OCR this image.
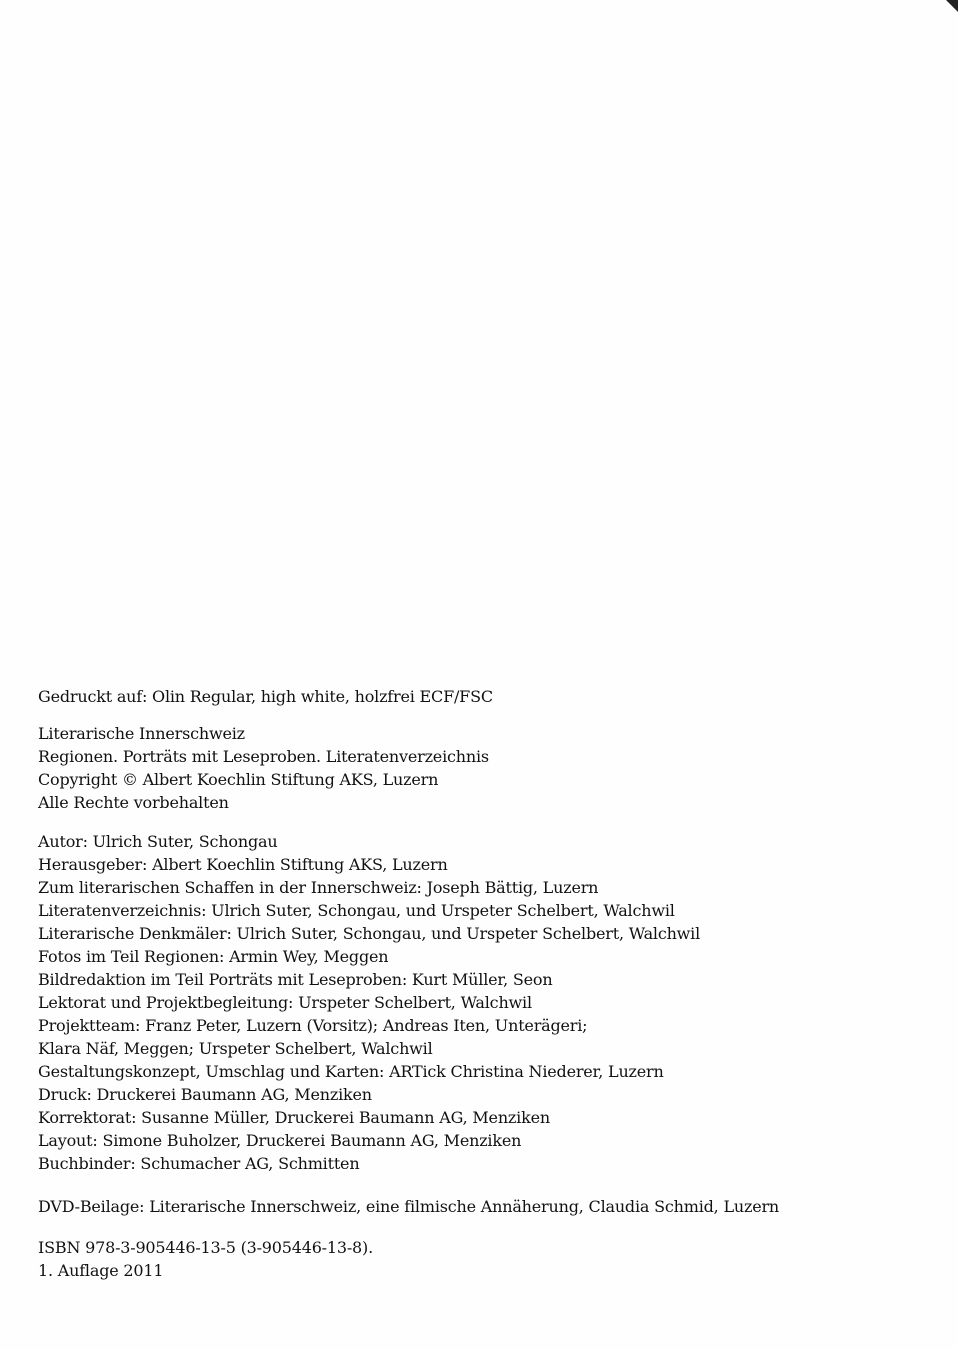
Gedruckt auf: Olin Regular, high white, holzfrei ECF/FSC
Literarische Innerschweiz
Regionen. Porträts mit Leseproben. Literatenverzeichnis
Copyright © Albert Koechlin Stiftung AKS, Luzern
Alle Rechte vorbehalten
Autor: Ulrich Suter, Schongau
Herausgeber: Albert Koechlin Stiftung AKS, Luzern
Zum literarischen Schaffen in der Innerschweiz: Joseph Bättig, Luzern
Literatenverzeichnis: Ulrich Suter, Schongau, und Urspeter Schelbert, Walchwil
Literarische Denkmäler: Ulrich Suter, Schongau, und Urspeter Schelbert, Walchwil
Fotos im Teil Regionen: Armin Wey, Meggen
Bildredaktion im Teil Porträts mit Leseproben: Kurt Müller, Seon
Lektorat und Projektbegleitung: Urspeter Schelbert, Walchwil
Projektteam: Franz Peter, Luzern (Vorsitz); Andreas Iten, Unterägeri;
Klara Näf, Meggen; Urspeter Schelbert, Walchwil
Gestaltungskonzept, Umschlag und Karten: ARTick Christina Niederer, Luzern
Druck: Druckerei Baumann AG, Menziken
Korrektorat: Susanne Müller, Druckerei Baumann AG, Menziken
Layout: Simone Buholzer, Druckerei Baumann AG, Menziken
Buchbinder: Schumacher AG, Schmitten
DVD-Beilage: Literarische Innerschweiz, eine filmische Annäherung, Claudia Schmid, Luzern
ISBN 978-3-905446-13-5 (3-905446-13-8).
1. Auflage 2011
